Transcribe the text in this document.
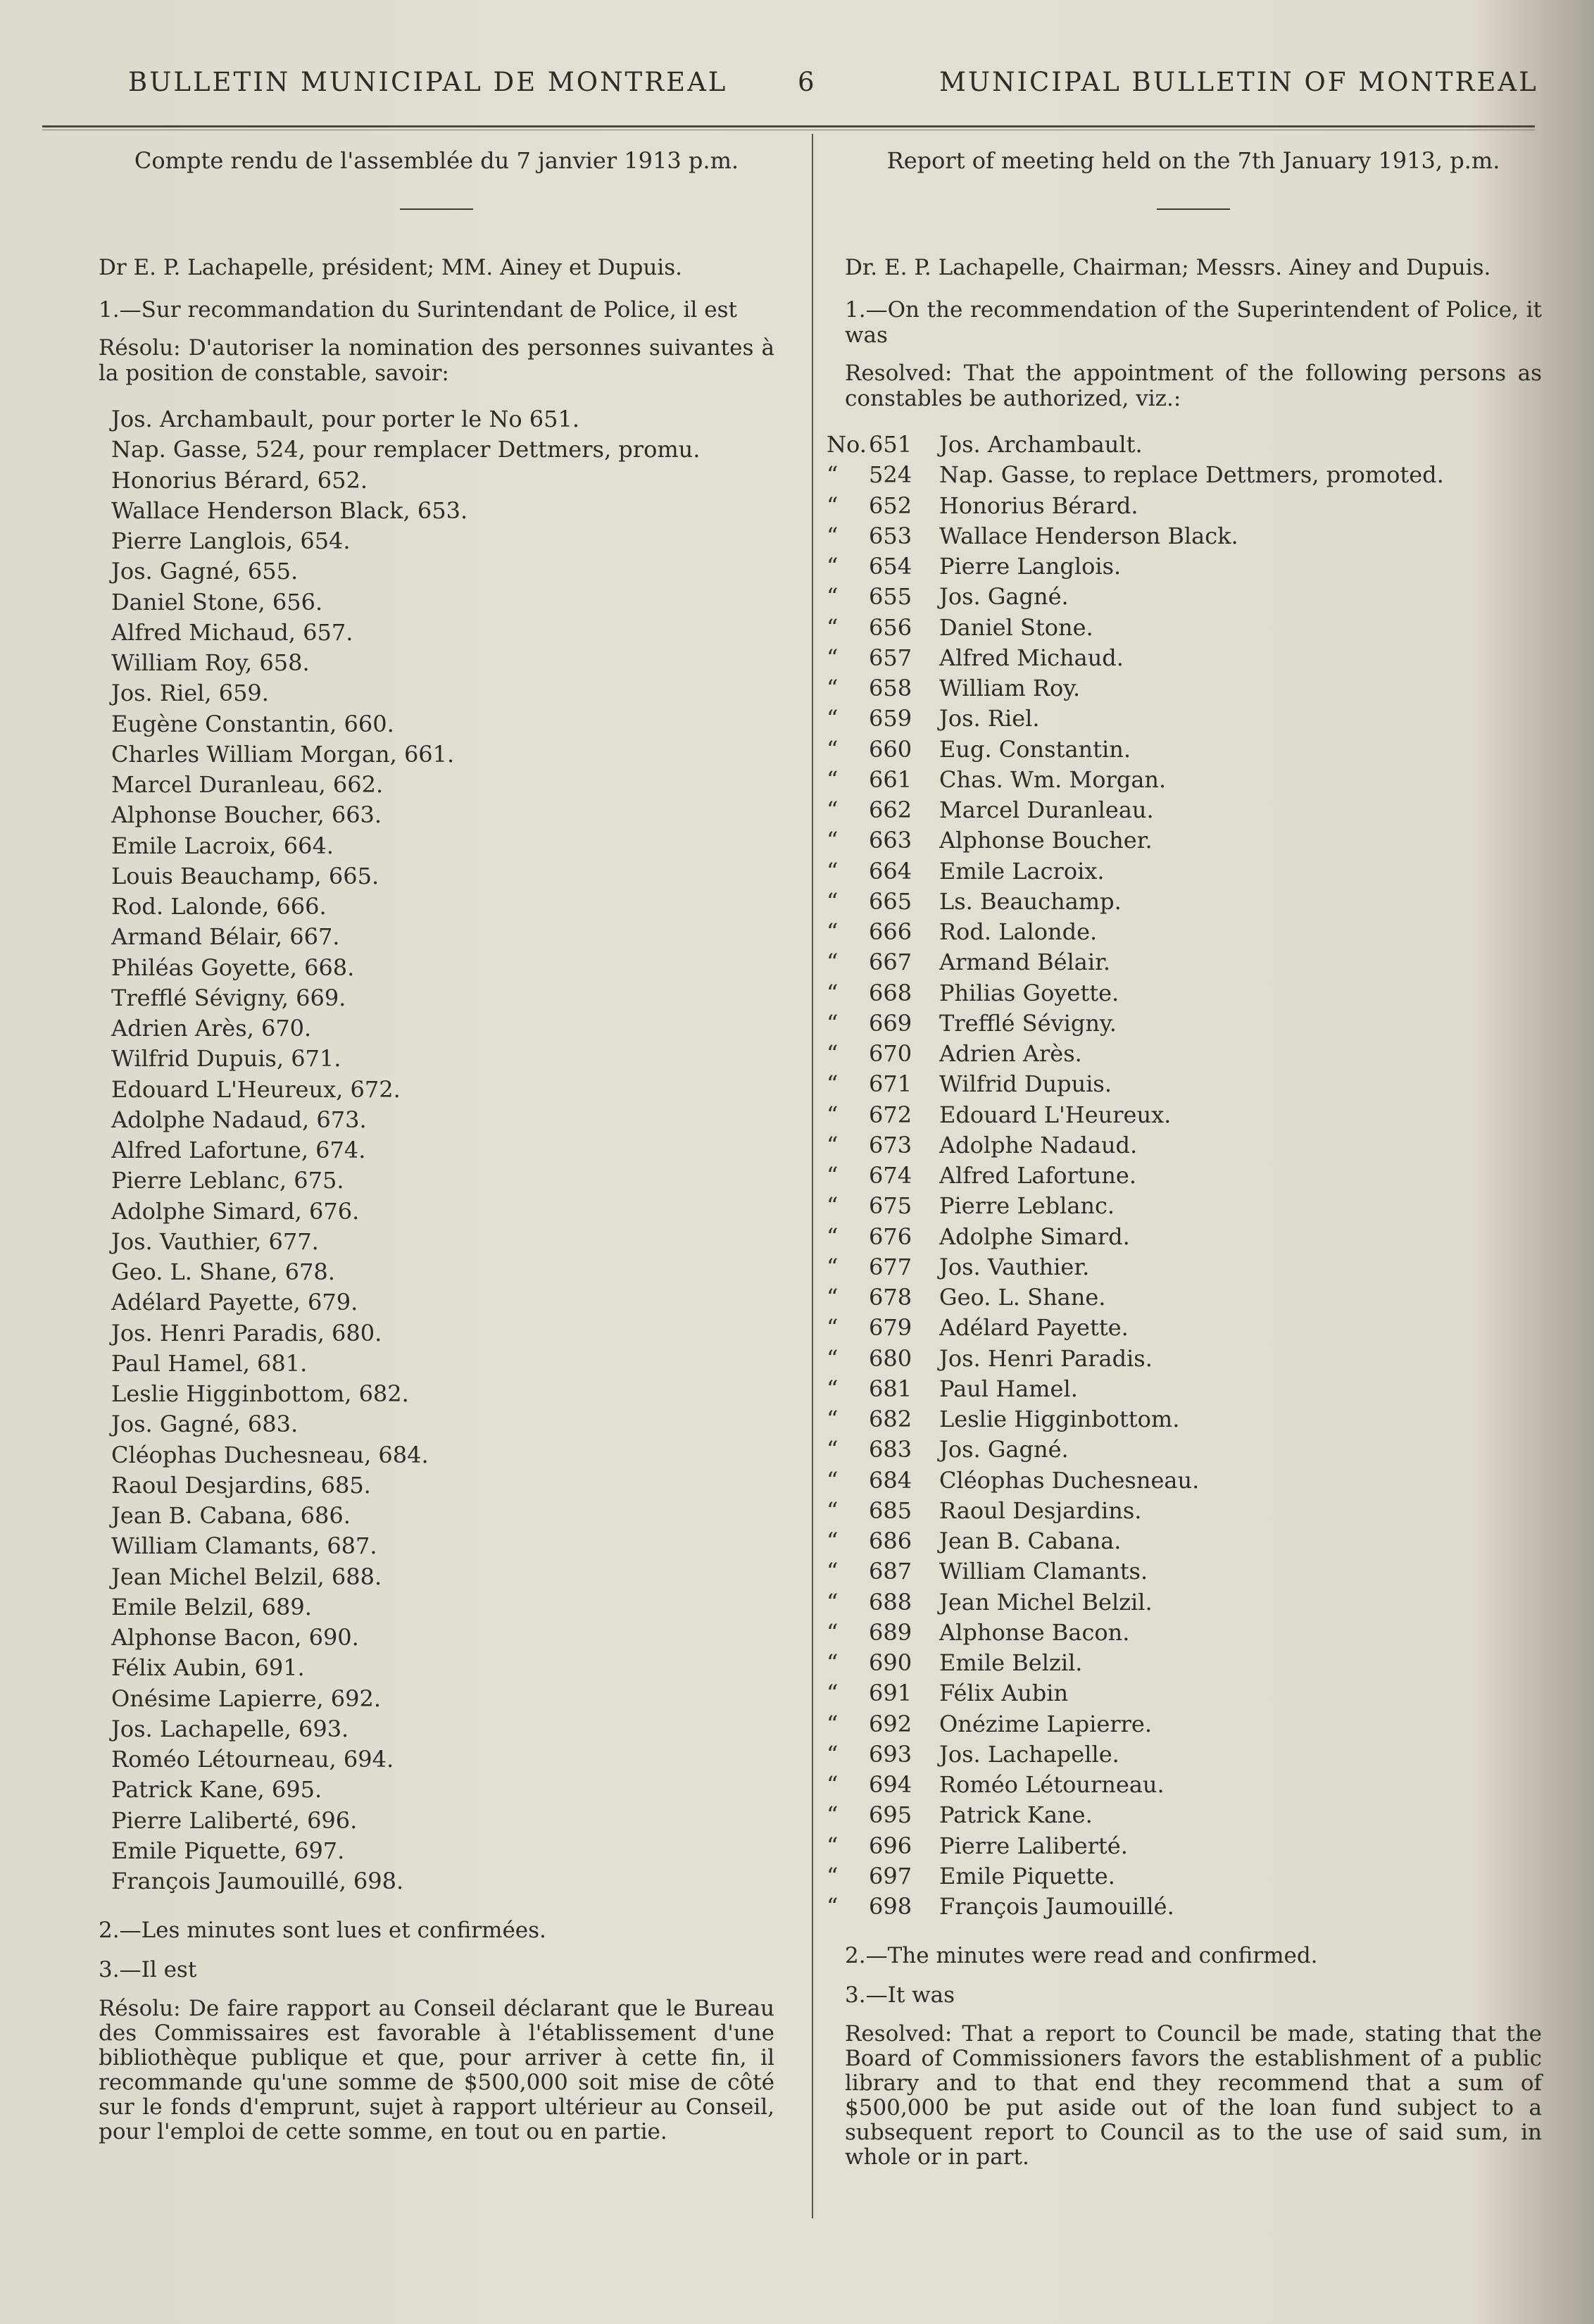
BULLETIN MUNICIPAL DE MONTREAL	6	MUNICIPAL BULLETIN OF MONTREAL
Compte rendu de l'assemblée du 7 janvier 1913 p.m.

Dr E. P. Lachapelle, président; MM. Ainey et Dupuis.

1.—Sur recommandation du Surintendant de Police, il est

Résolu: D'autoriser la nomination des personnes suivantes à la position de constable, savoir:

Jos. Archambault, pour porter le No 651.
Nap. Gasse, 524, pour remplacer Dettmers, promu.
Honorius Bérard, 652.
Wallace Henderson Black, 653.
Pierre Langlois, 654.
Jos. Gagné, 655.
Daniel Stone, 656.
Alfred Michaud, 657.
William Roy, 658.
Jos. Riel, 659.
Eugène Constantin, 660.
Charles William Morgan, 661.
Marcel Duranleau, 662.
Alphonse Boucher, 663.
Emile Lacroix, 664.
Louis Beauchamp, 665.
Rod. Lalonde, 666.
Armand Bélair, 667.
Philéas Goyette, 668.
Trefflé Sévigny, 669.
Adrien Arès, 670.
Wilfrid Dupuis, 671.
Edouard L'Heureux, 672.
Adolphe Nadaud, 673.
Alfred Lafortune, 674.
Pierre Leblanc, 675.
Adolphe Simard, 676.
Jos. Vauthier, 677.
Geo. L. Shane, 678.
Adélard Payette, 679.
Jos. Henri Paradis, 680.
Paul Hamel, 681.
Leslie Higginbottom, 682.
Jos. Gagné, 683.
Cléophas Duchesneau, 684.
Raoul Desjardins, 685.
Jean B. Cabana, 686.
William Clamants, 687.
Jean Michel Belzil, 688.
Emile Belzil, 689.
Alphonse Bacon, 690.
Félix Aubin, 691.
Onésime Lapierre, 692.
Jos. Lachapelle, 693.
Roméo Létourneau, 694.
Patrick Kane, 695.
Pierre Laliberté, 696.
Emile Piquette, 697.
François Jaumouillé, 698.

2.—Les minutes sont lues et confirmées.

3.—Il est

Résolu: De faire rapport au Conseil déclarant que le Bureau des Commissaires est favorable à l'établissement d'une bibliothèque publique et que, pour arriver à cette fin, il recommande qu'une somme de $500,000 soit mise de côté sur le fonds d'emprunt, sujet à rapport ultérieur au Conseil, pour l'emploi de cette somme, en tout ou en partie.

Report of meeting held on the 7th January 1913, p.m.

Dr. E. P. Lachapelle, Chairman; Messrs. Ainey and Dupuis.

1.—On the recommendation of the Superintendent of Police, it was

Resolved: That the appointment of the following persons as constables be authorized, viz.:

No.651 Jos. Archambault.
“ 524 Nap. Gasse, to replace Dettmers, promoted.
“ 652 Honorius Bérard.
“ 653 Wallace Henderson Black.
“ 654 Pierre Langlois.
“ 655 Jos. Gagné.
“ 656 Daniel Stone.
“ 657 Alfred Michaud.
“ 658 William Roy.
“ 659 Jos. Riel.
“ 660 Eug. Constantin.
“ 661 Chas. Wm. Morgan.
“ 662 Marcel Duranleau.
“ 663 Alphonse Boucher.
“ 664 Emile Lacroix.
“ 665 Ls. Beauchamp.
“ 666 Rod. Lalonde.
“ 667 Armand Bélair.
“ 668 Philias Goyette.
“ 669 Trefflé Sévigny.
“ 670 Adrien Arès.
“ 671 Wilfrid Dupuis.
“ 672 Edouard L'Heureux.
“ 673 Adolphe Nadaud.
“ 674 Alfred Lafortune.
“ 675 Pierre Leblanc.
“ 676 Adolphe Simard.
“ 677 Jos. Vauthier.
“ 678 Geo. L. Shane.
“ 679 Adélard Payette.
“ 680 Jos. Henri Paradis.
“ 681 Paul Hamel.
“ 682 Leslie Higginbottom.
“ 683 Jos. Gagné.
“ 684 Cléophas Duchesneau.
“ 685 Raoul Desjardins.
“ 686 Jean B. Cabana.
“ 687 William Clamants.
“ 688 Jean Michel Belzil.
“ 689 Alphonse Bacon.
“ 690 Emile Belzil.
“ 691 Félix Aubin
“ 692 Onézime Lapierre.
“ 693 Jos. Lachapelle.
“ 694 Roméo Létourneau.
“ 695 Patrick Kane.
“ 696 Pierre Laliberté.
“ 697 Emile Piquette.
“ 698 François Jaumouillé.

2.—The minutes were read and confirmed.

3.—It was

Resolved: That a report to Council be made, stating that the Board of Commissioners favors the establishment of a public library and to that end they recommend that a sum of $500,000 be put aside out of the loan fund subject to a subsequent report to Council as to the use of said sum, in whole or in part.
